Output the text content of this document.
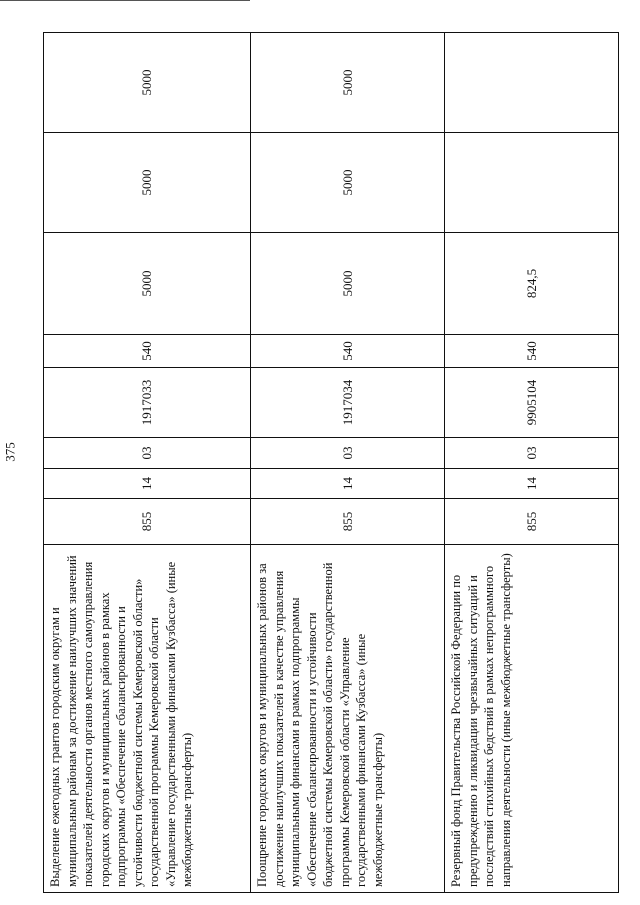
375
Выделение ежегодных грантов городским округам и муниципальным районам за достижение наилучших значений показателей деятельности органов местного самоуправления городских округов и муниципальных районов в рамках подпрограммы «Обеспечение сбалансированности и устойчивости бюджетной системы Кемеровской области» государственной программы Кемеровской области «Управление государственными финансами Кузбасса» (иные межбюджетные трансферты)	855	14	03	1917033	540	5000	5000	5000
Поощрение городских округов и муниципальных районов за достижение наилучших показателей в качестве управления муниципальными финансами в рамках подпрограммы «Обеспечение сбалансированности и устойчивости бюджетной системы Кемеровской области» государственной программы Кемеровской области «Управление государственными финансами Кузбасса» (иные межбюджетные трансферты)	855	14	03	1917034	540	5000	5000	5000
Резервный фонд Правительства Российской Федерации по предупреждению и ликвидации чрезвычайных ситуаций и последствий стихийных бедствий в рамках непрограммного направления деятельности (иные межбюджетные трансферты)	855	14	03	9905104	540	824,5		
